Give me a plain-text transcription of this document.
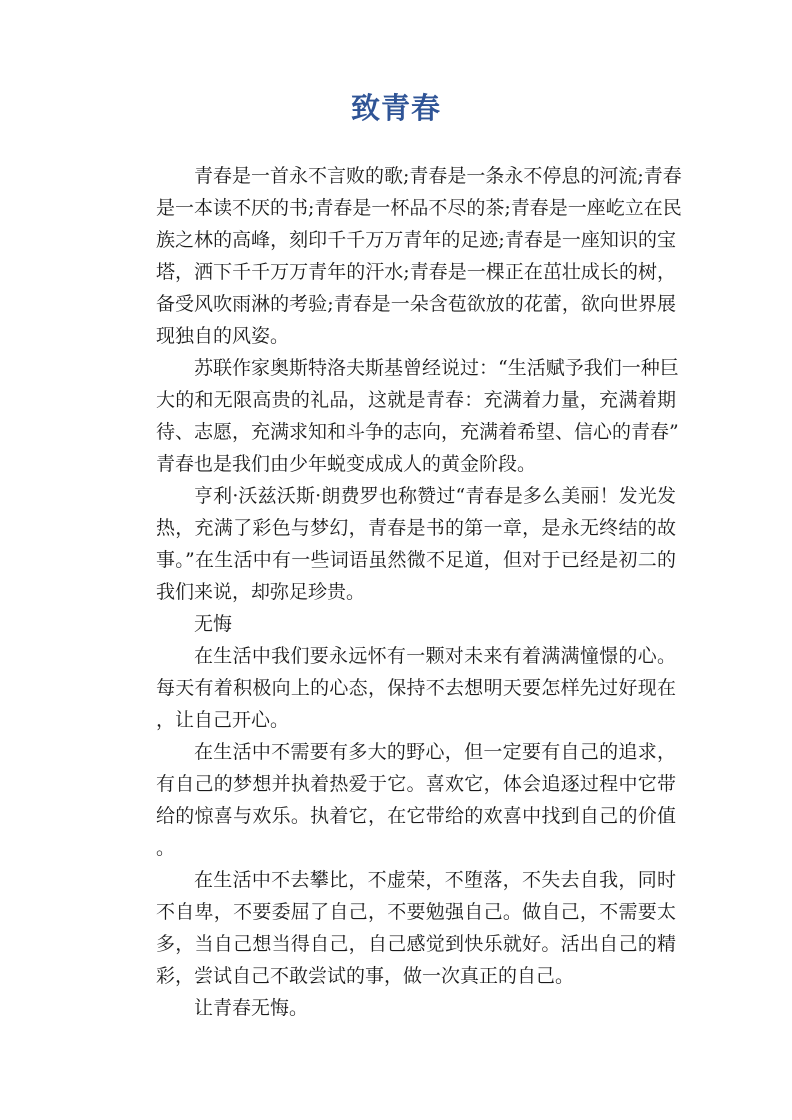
致青春

青春是一首永不言败的歌;青春是一条永不停息的河流;青春
是一本读不厌的书;青春是一杯品不尽的茶;青春是一座屹立在民
族之林的高峰，刻印千千万万青年的足迹;青春是一座知识的宝
塔，洒下千千万万青年的汗水;青春是一棵正在茁壮成长的树，
备受风吹雨淋的考验;青春是一朵含苞欲放的花蕾，欲向世界展
现独自的风姿。

苏联作家奥斯特洛夫斯基曾经说过：“生活赋予我们一种巨
大的和无限高贵的礼品，这就是青春：充满着力量，充满着期
待、志愿，充满求知和斗争的志向，充满着希望、信心的青春”
青春也是我们由少年蜕变成成人的黄金阶段。

亨利·沃兹沃斯·朗费罗也称赞过“青春是多么美丽！发光发
热，充满了彩色与梦幻，青春是书的第一章，是永无终结的故
事。”在生活中有一些词语虽然微不足道，但对于已经是初二的
我们来说，却弥足珍贵。

无悔

在生活中我们要永远怀有一颗对未来有着满满憧憬的心。
每天有着积极向上的心态，保持不去想明天要怎样先过好现在
，让自己开心。

在生活中不需要有多大的野心，但一定要有自己的追求，
有自己的梦想并执着热爱于它。喜欢它，体会追逐过程中它带
给的惊喜与欢乐。执着它，在它带给的欢喜中找到自己的价值
。

在生活中不去攀比，不虚荣，不堕落，不失去自我，同时
不自卑，不要委屈了自己，不要勉强自己。做自己，不需要太
多，当自己想当得自己，自己感觉到快乐就好。活出自己的精
彩，尝试自己不敢尝试的事，做一次真正的自己。

让青春无悔。
